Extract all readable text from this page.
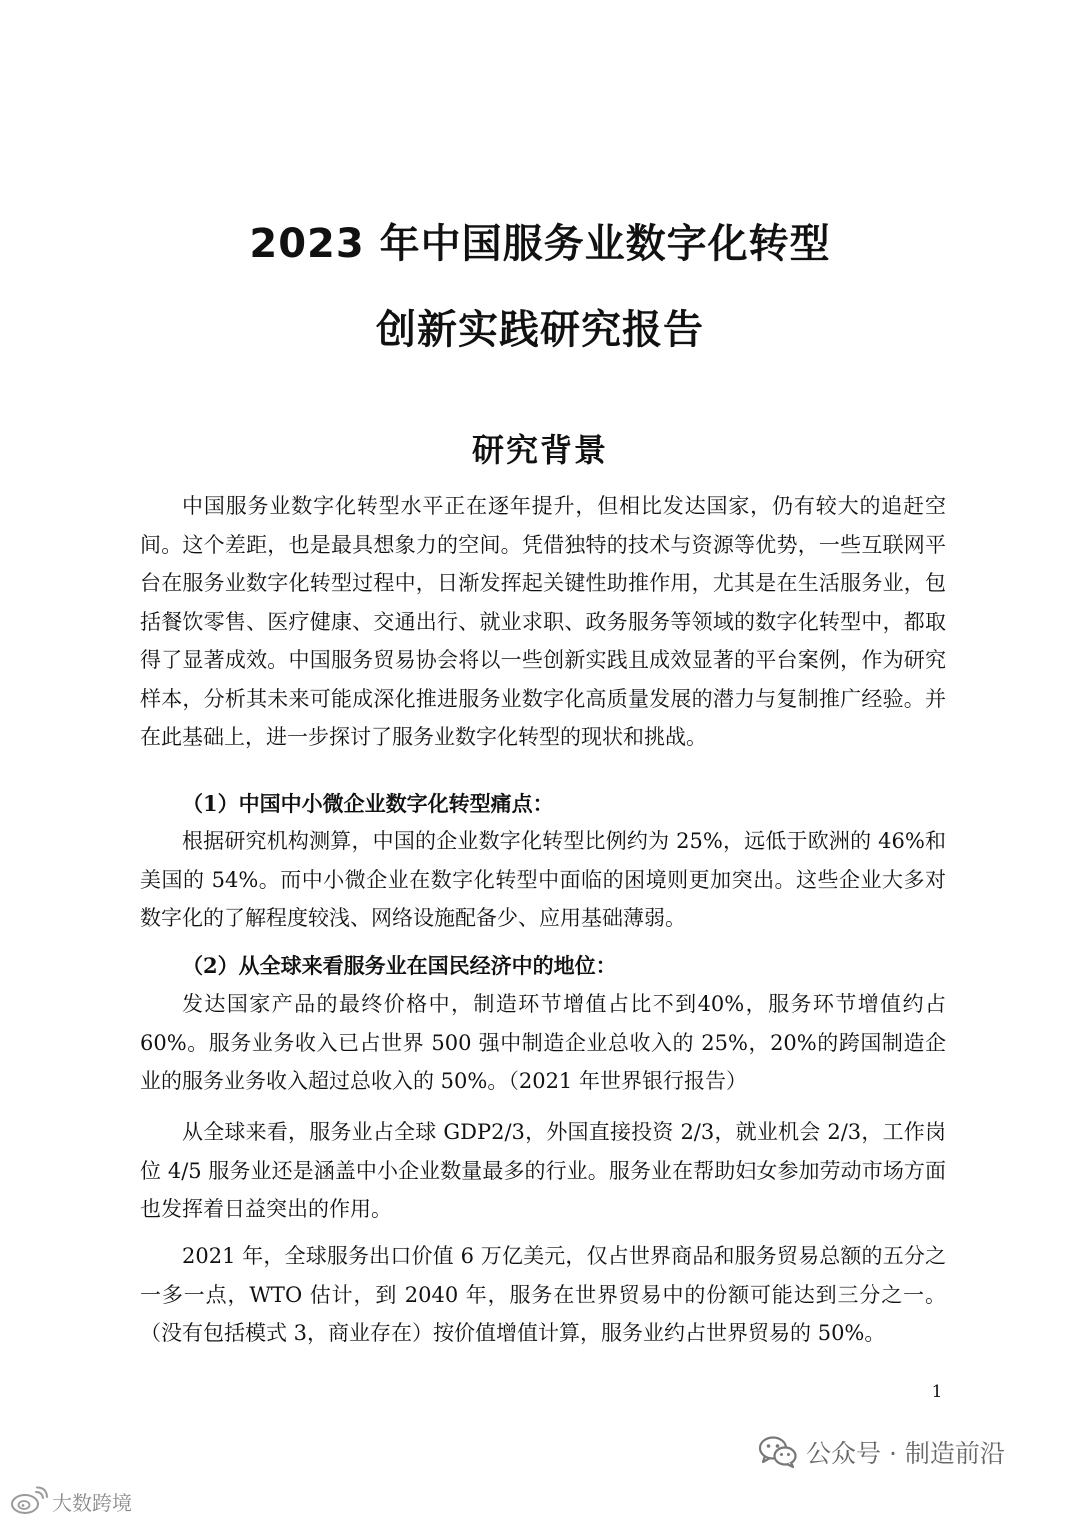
2023 年中国服务业数字化转型
创新实践研究报告
研究背景

中国服务业数字化转型水平正在逐年提升，但相比发达国家，仍有较大的追赶空间。这个差距，也是最具想象力的空间。凭借独特的技术与资源等优势，一些互联网平台在服务业数字化转型过程中，日渐发挥起关键性助推作用，尤其是在生活服务业，包括餐饮零售、医疗健康、交通出行、就业求职、政务服务等领域的数字化转型中，都取得了显著成效。中国服务贸易协会将以一些创新实践且成效显著的平台案例，作为研究样本，分析其未来可能成深化推进服务业数字化高质量发展的潜力与复制推广经验。并在此基础上，进一步探讨了服务业数字化转型的现状和挑战。

（1）中国中小微企业数字化转型痛点：

根据研究机构测算，中国的企业数字化转型比例约为 25%，远低于欧洲的 46%和美国的 54%。而中小微企业在数字化转型中面临的困境则更加突出。这些企业大多对数字化的了解程度较浅、网络设施配备少、应用基础薄弱。

（2）从全球来看服务业在国民经济中的地位：

发达国家产品的最终价格中，制造环节增值占比不到40%，服务环节增值约占60%。服务业务收入已占世界 500 强中制造企业总收入的 25%，20%的跨国制造企业的服务业务收入超过总收入的 50%。（2021 年世界银行报告）

从全球来看，服务业占全球 GDP2/3，外国直接投资 2/3，就业机会 2/3，工作岗位 4/5 服务业还是涵盖中小企业数量最多的行业。服务业在帮助妇女参加劳动市场方面也发挥着日益突出的作用。

2021 年，全球服务出口价值 6 万亿美元，仅占世界商品和服务贸易总额的五分之一多一点，WTO 估计，到 2040 年，服务在世界贸易中的份额可能达到三分之一。（没有包括模式 3，商业存在）按价值增值计算，服务业约占世界贸易的 50%。

1
公众号 · 制造前沿
大数跨境
